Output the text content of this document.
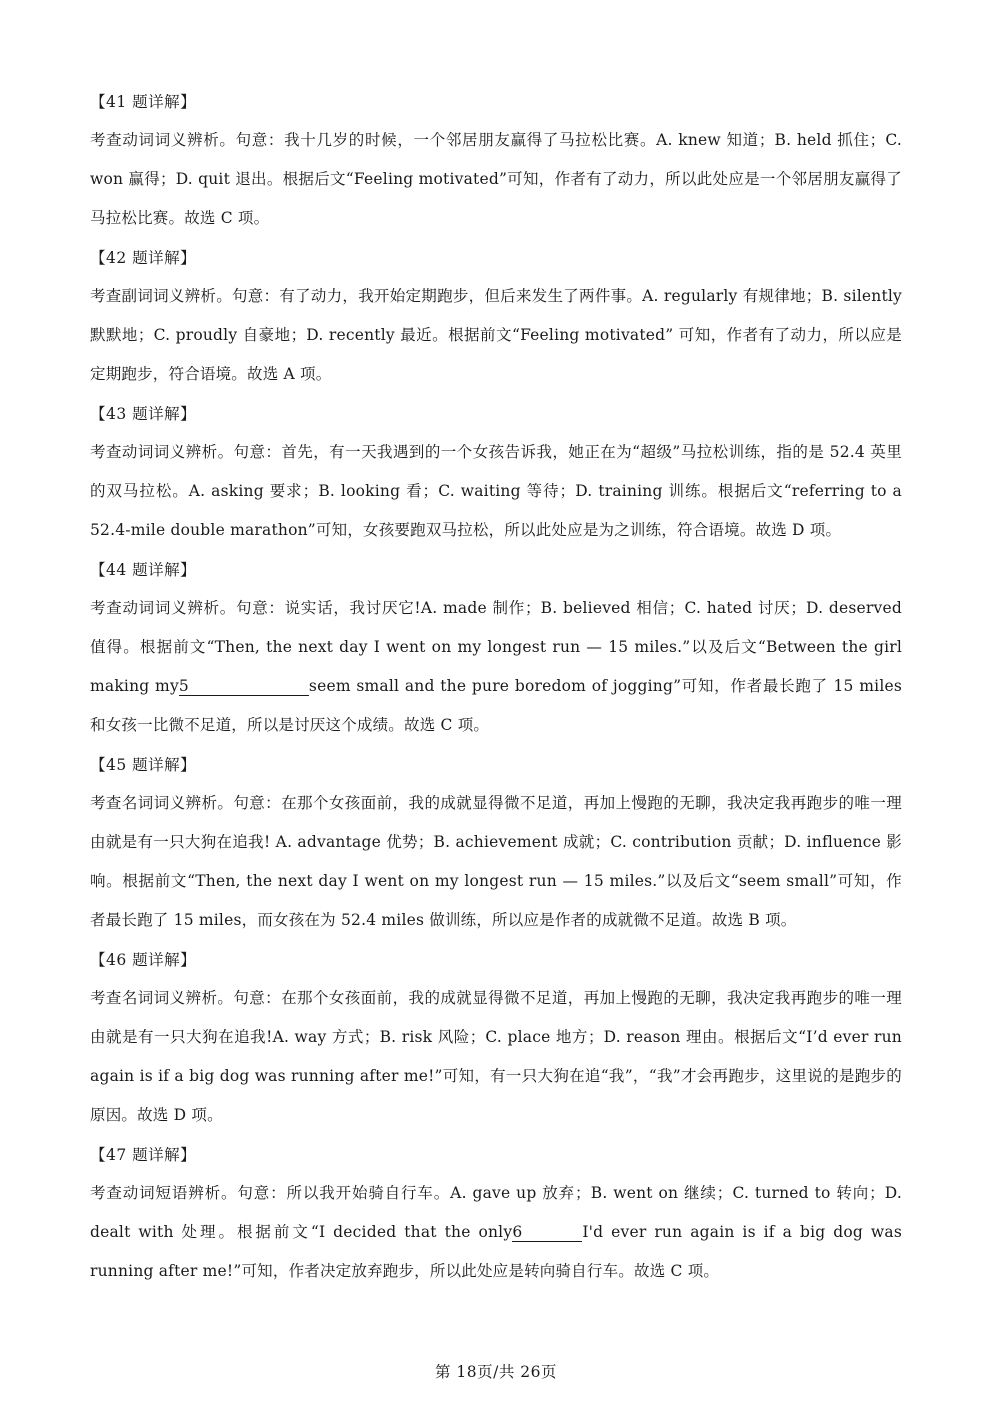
【41 题详解】

考查动词词义辨析。句意：我十几岁的时候，一个邻居朋友赢得了马拉松比赛。A. knew 知道；B. held 抓住；C. won 赢得；D. quit 退出。根据后文“Feeling motivated”可知，作者有了动力，所以此处应是一个邻居朋友赢得了马拉松比赛。故选 C 项。

【42 题详解】

考查副词词义辨析。句意：有了动力，我开始定期跑步，但后来发生了两件事。A. regularly 有规律地；B. silently 默默地；C. proudly 自豪地；D. recently 最近。根据前文“Feeling motivated” 可知，作者有了动力，所以应是定期跑步，符合语境。故选 A 项。

【43 题详解】

考查动词词义辨析。句意：首先，有一天我遇到的一个女孩告诉我，她正在为“超级”马拉松训练，指的是 52.4 英里的双马拉松。A. asking 要求；B. looking 看；C. waiting 等待；D. training 训练。根据后文“referring to a 52.4-mile double marathon”可知，女孩要跑双马拉松，所以此处应是为之训练，符合语境。故选 D 项。

【44 题详解】

考查动词词义辨析。句意：说实话，我讨厌它!A. made 制作；B. believed 相信；C. hated 讨厌；D. deserved 值得。根据前文“Then, the next day I went on my longest run — 15 miles.”以及后文“Between the girl making my5	seem small and the pure boredom of jogging”可知，作者最长跑了 15 miles 和女孩一比微不足道，所以是讨厌这个成绩。故选 C 项。

【45 题详解】

考查名词词义辨析。句意：在那个女孩面前，我的成就显得微不足道，再加上慢跑的无聊，我决定我再跑步的唯一理由就是有一只大狗在追我! A. advantage 优势；B. achievement 成就；C. contribution 贡献；D. influence 影响。根据前文“Then, the next day I went on my longest run — 15 miles.”以及后文“seem small”可知，作者最长跑了 15 miles，而女孩在为 52.4 miles 做训练，所以应是作者的成就微不足道。故选 B 项。

【46 题详解】

考查名词词义辨析。句意：在那个女孩面前，我的成就显得微不足道，再加上慢跑的无聊，我决定我再跑步的唯一理由就是有一只大狗在追我!A. way 方式；B. risk 风险；C. place 地方；D. reason 理由。根据后文“I’d ever run again is if a big dog was running after me!”可知，有一只大狗在追“我”，“我”才会再跑步，这里说的是跑步的原因。故选 D 项。

【47 题详解】

考查动词短语辨析。句意：所以我开始骑自行车。A. gave up 放弃；B. went on 继续；C. turned to 转向；D. dealt with 处理。根据前文“I decided that the only6	I'd ever run again is if a big dog was running after me!”可知，作者决定放弃跑步，所以此处应是转向骑自行车。故选 C 项。

第 18页/共 26页
